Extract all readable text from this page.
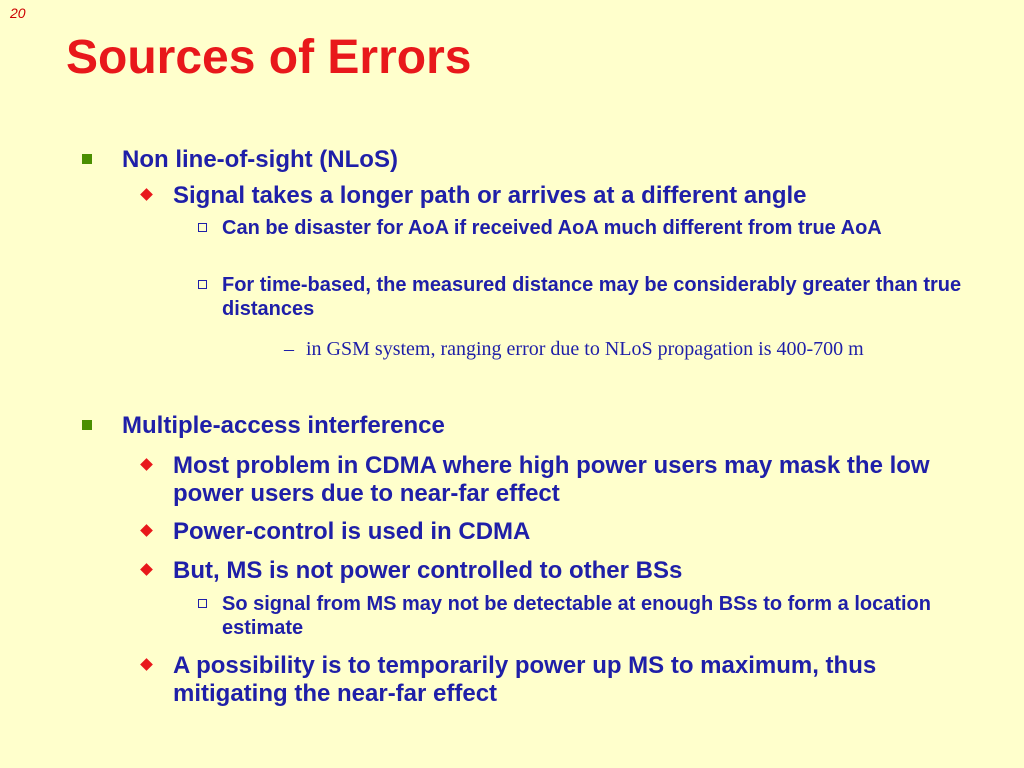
20
Sources of Errors
Non line-of-sight (NLoS)
Signal takes a longer path or arrives at a different angle
Can be disaster for AoA if received AoA much different from true AoA
For time-based, the measured distance may be considerably greater than true distances
– in GSM system, ranging error due to NLoS propagation is 400-700 m
Multiple-access interference
Most problem in CDMA where high power users may mask the low power users due to near-far effect
Power-control is used in CDMA
But, MS is not power controlled to other BSs
So signal from MS may not be detectable at enough BSs to form a location estimate
A possibility is to temporarily power up MS to maximum, thus mitigating the near-far effect
